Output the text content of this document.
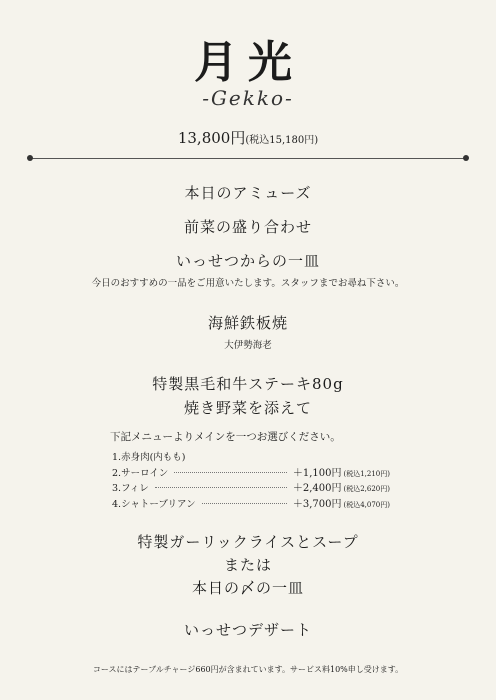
月光
-Gekko-
13,800円(税込15,180円)
本日のアミューズ
前菜の盛り合わせ
いっせつからの一皿
今日のおすすめの一品をご用意いたします。スタッフまでお尋ね下さい。
海鮮鉄板焼
大伊勢海老
特製黒毛和牛ステーキ80g
焼き野菜を添えて
下記メニューよりメインを一つお選びください。
1.赤身肉(内もも)
2.サーロイン	＋1,100円 (税込1,210円)
3.フィレ	＋2,400円 (税込2,620円)
4.シャトーブリアン	＋3,700円 (税込4,070円)
特製ガーリックライスとスープ
または
本日の〆の一皿
いっせつデザート
コースにはテーブルチャージ660円が含まれています。サービス料10%申し受けます。
